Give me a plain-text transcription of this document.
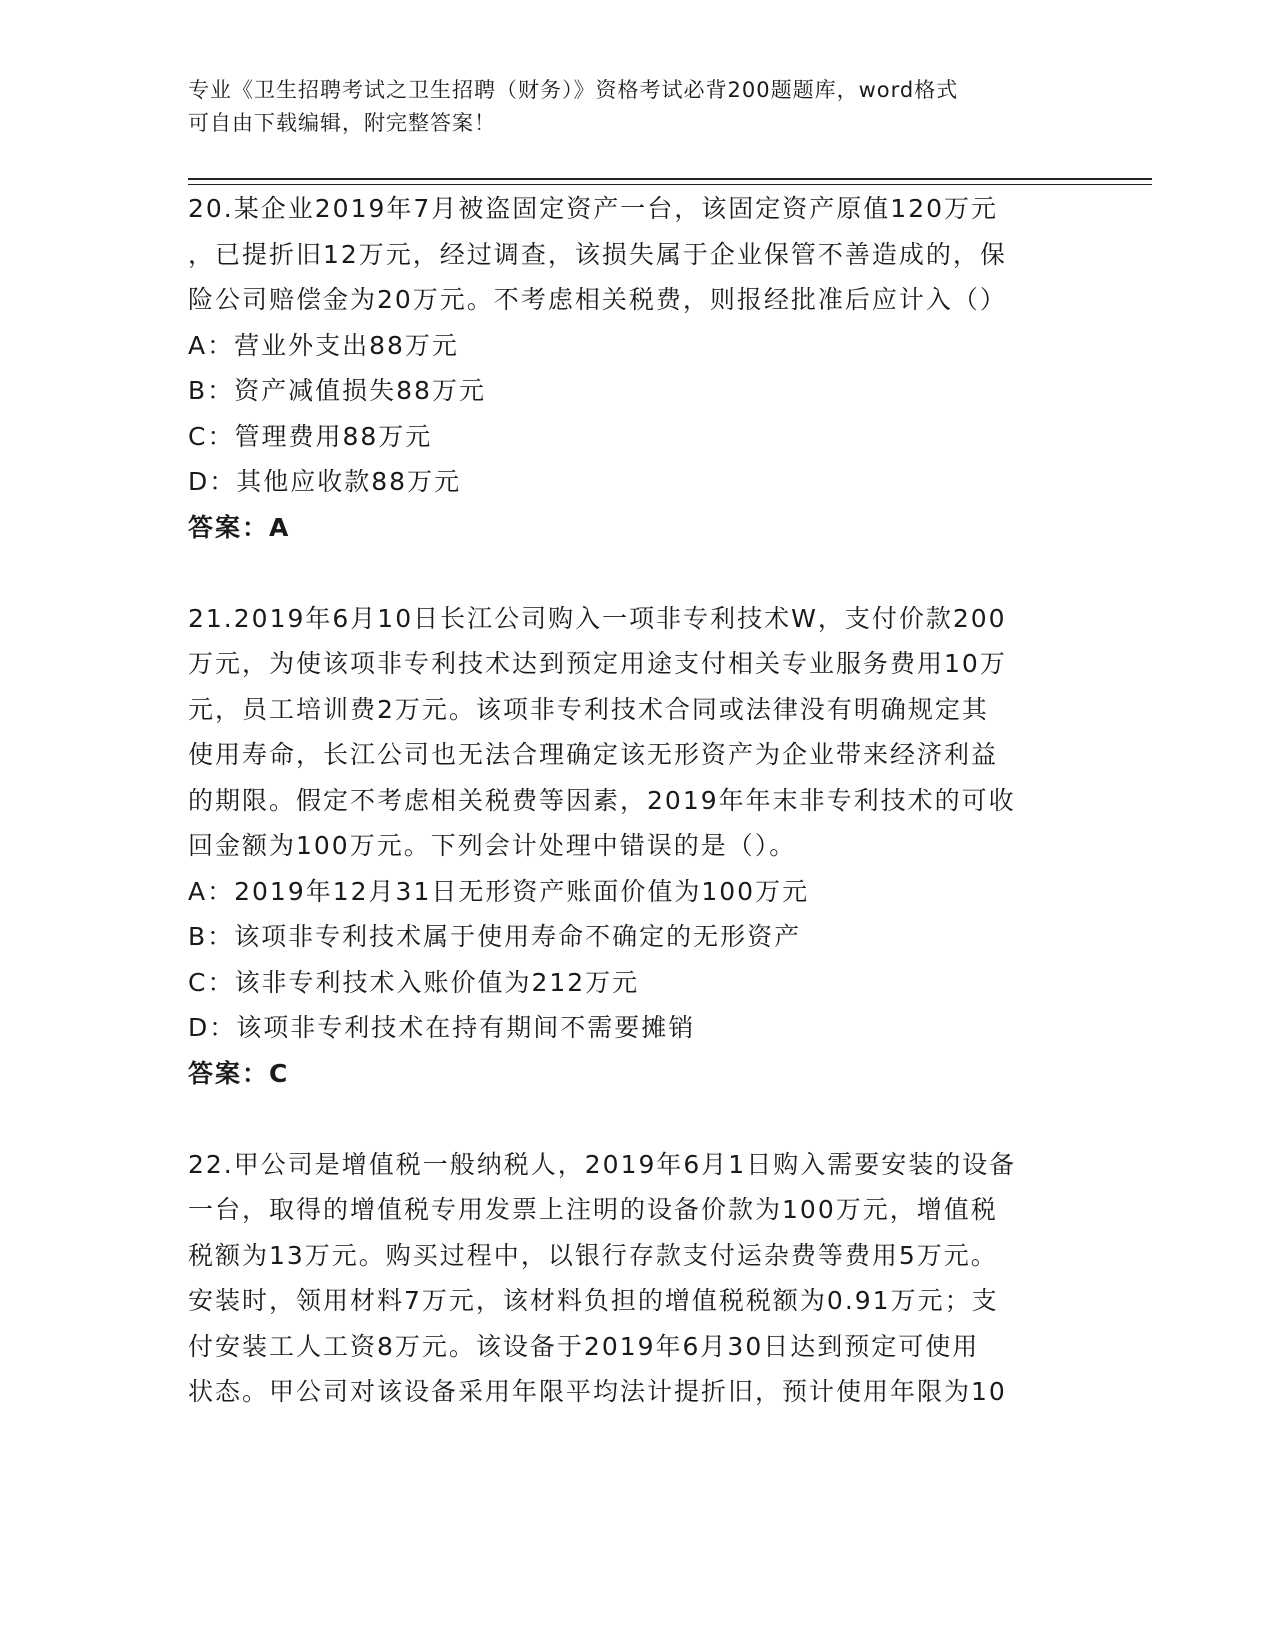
专业《卫生招聘考试之卫生招聘（财务）》资格考试必背200题题库，word格式
可自由下载编辑，附完整答案！
20.某企业2019年7月被盗固定资产一台，该固定资产原值120万元
，已提折旧12万元，经过调查，该损失属于企业保管不善造成的，保
险公司赔偿金为20万元。不考虑相关税费，则报经批准后应计入（）
A：营业外支出88万元
B：资产减值损失88万元
C：管理费用88万元
D：其他应收款88万元
答案：A
21.2019年6月10日长江公司购入一项非专利技术W，支付价款200
万元，为使该项非专利技术达到预定用途支付相关专业服务费用10万
元，员工培训费2万元。该项非专利技术合同或法律没有明确规定其
使用寿命，长江公司也无法合理确定该无形资产为企业带来经济利益
的期限。假定不考虑相关税费等因素，2019年年末非专利技术的可收
回金额为100万元。下列会计处理中错误的是（）。
A：2019年12月31日无形资产账面价值为100万元
B：该项非专利技术属于使用寿命不确定的无形资产
C：该非专利技术入账价值为212万元
D：该项非专利技术在持有期间不需要摊销
答案：C
22.甲公司是增值税一般纳税人，2019年6月1日购入需要安装的设备
一台，取得的增值税专用发票上注明的设备价款为100万元，增值税
税额为13万元。购买过程中，以银行存款支付运杂费等费用5万元。
安装时，领用材料7万元，该材料负担的增值税税额为0.91万元；支
付安装工人工资8万元。该设备于2019年6月30日达到预定可使用
状态。甲公司对该设备采用年限平均法计提折旧，预计使用年限为10
